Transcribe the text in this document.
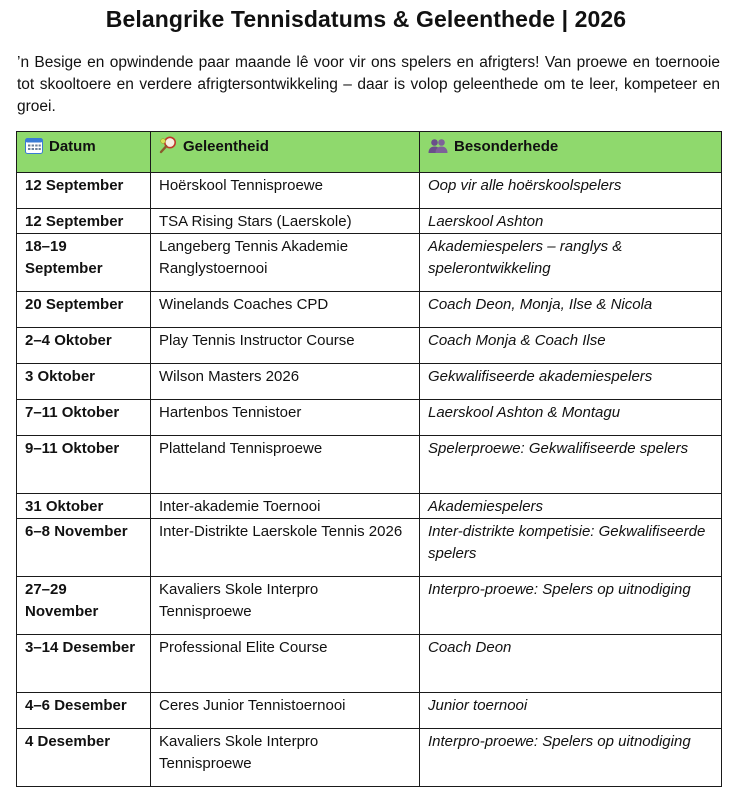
Belangrike Tennisdatums & Geleenthede | 2026
’n Besige en opwindende paar maande lê voor vir ons spelers en afrigters! Van proewe en toernooie tot skooltoere en verdere afrigtersontwikkeling – daar is volop geleenthede om te leer, kompeteer en groei.
Datum	Geleentheid	Besonderhede
12 September	Hoërskool Tennisproewe	Oop vir alle hoërskoolspelers
12 September	TSA Rising Stars (Laerskole)	Laerskool Ashton
18–19 September	Langeberg Tennis Akademie Ranglystoernooi	Akademiespelers – ranglys & spelerontwikkeling
20 September	Winelands Coaches CPD	Coach Deon, Monja, Ilse & Nicola
2–4 Oktober	Play Tennis Instructor Course	Coach Monja & Coach Ilse
3 Oktober	Wilson Masters 2026	Gekwalifiseerde akademiespelers
7–11 Oktober	Hartenbos Tennistoer	Laerskool Ashton & Montagu
9–11 Oktober	Platteland Tennisproewe	Spelerproewe: Gekwalifiseerde spelers
31 Oktober	Inter-akademie Toernooi	Akademiespelers
6–8 November	Inter-Distrikte Laerskole Tennis 2026	Inter-distrikte kompetisie: Gekwalifiseerde spelers
27–29 November	Kavaliers Skole Interpro Tennisproewe	Interpro-proewe: Spelers op uitnodiging
3–14 Desember	Professional Elite Course	Coach Deon
4–6 Desember	Ceres Junior Tennistoernooi	Junior toernooi
4 Desember	Kavaliers Skole Interpro Tennisproewe	Interpro-proewe: Spelers op uitnodiging
